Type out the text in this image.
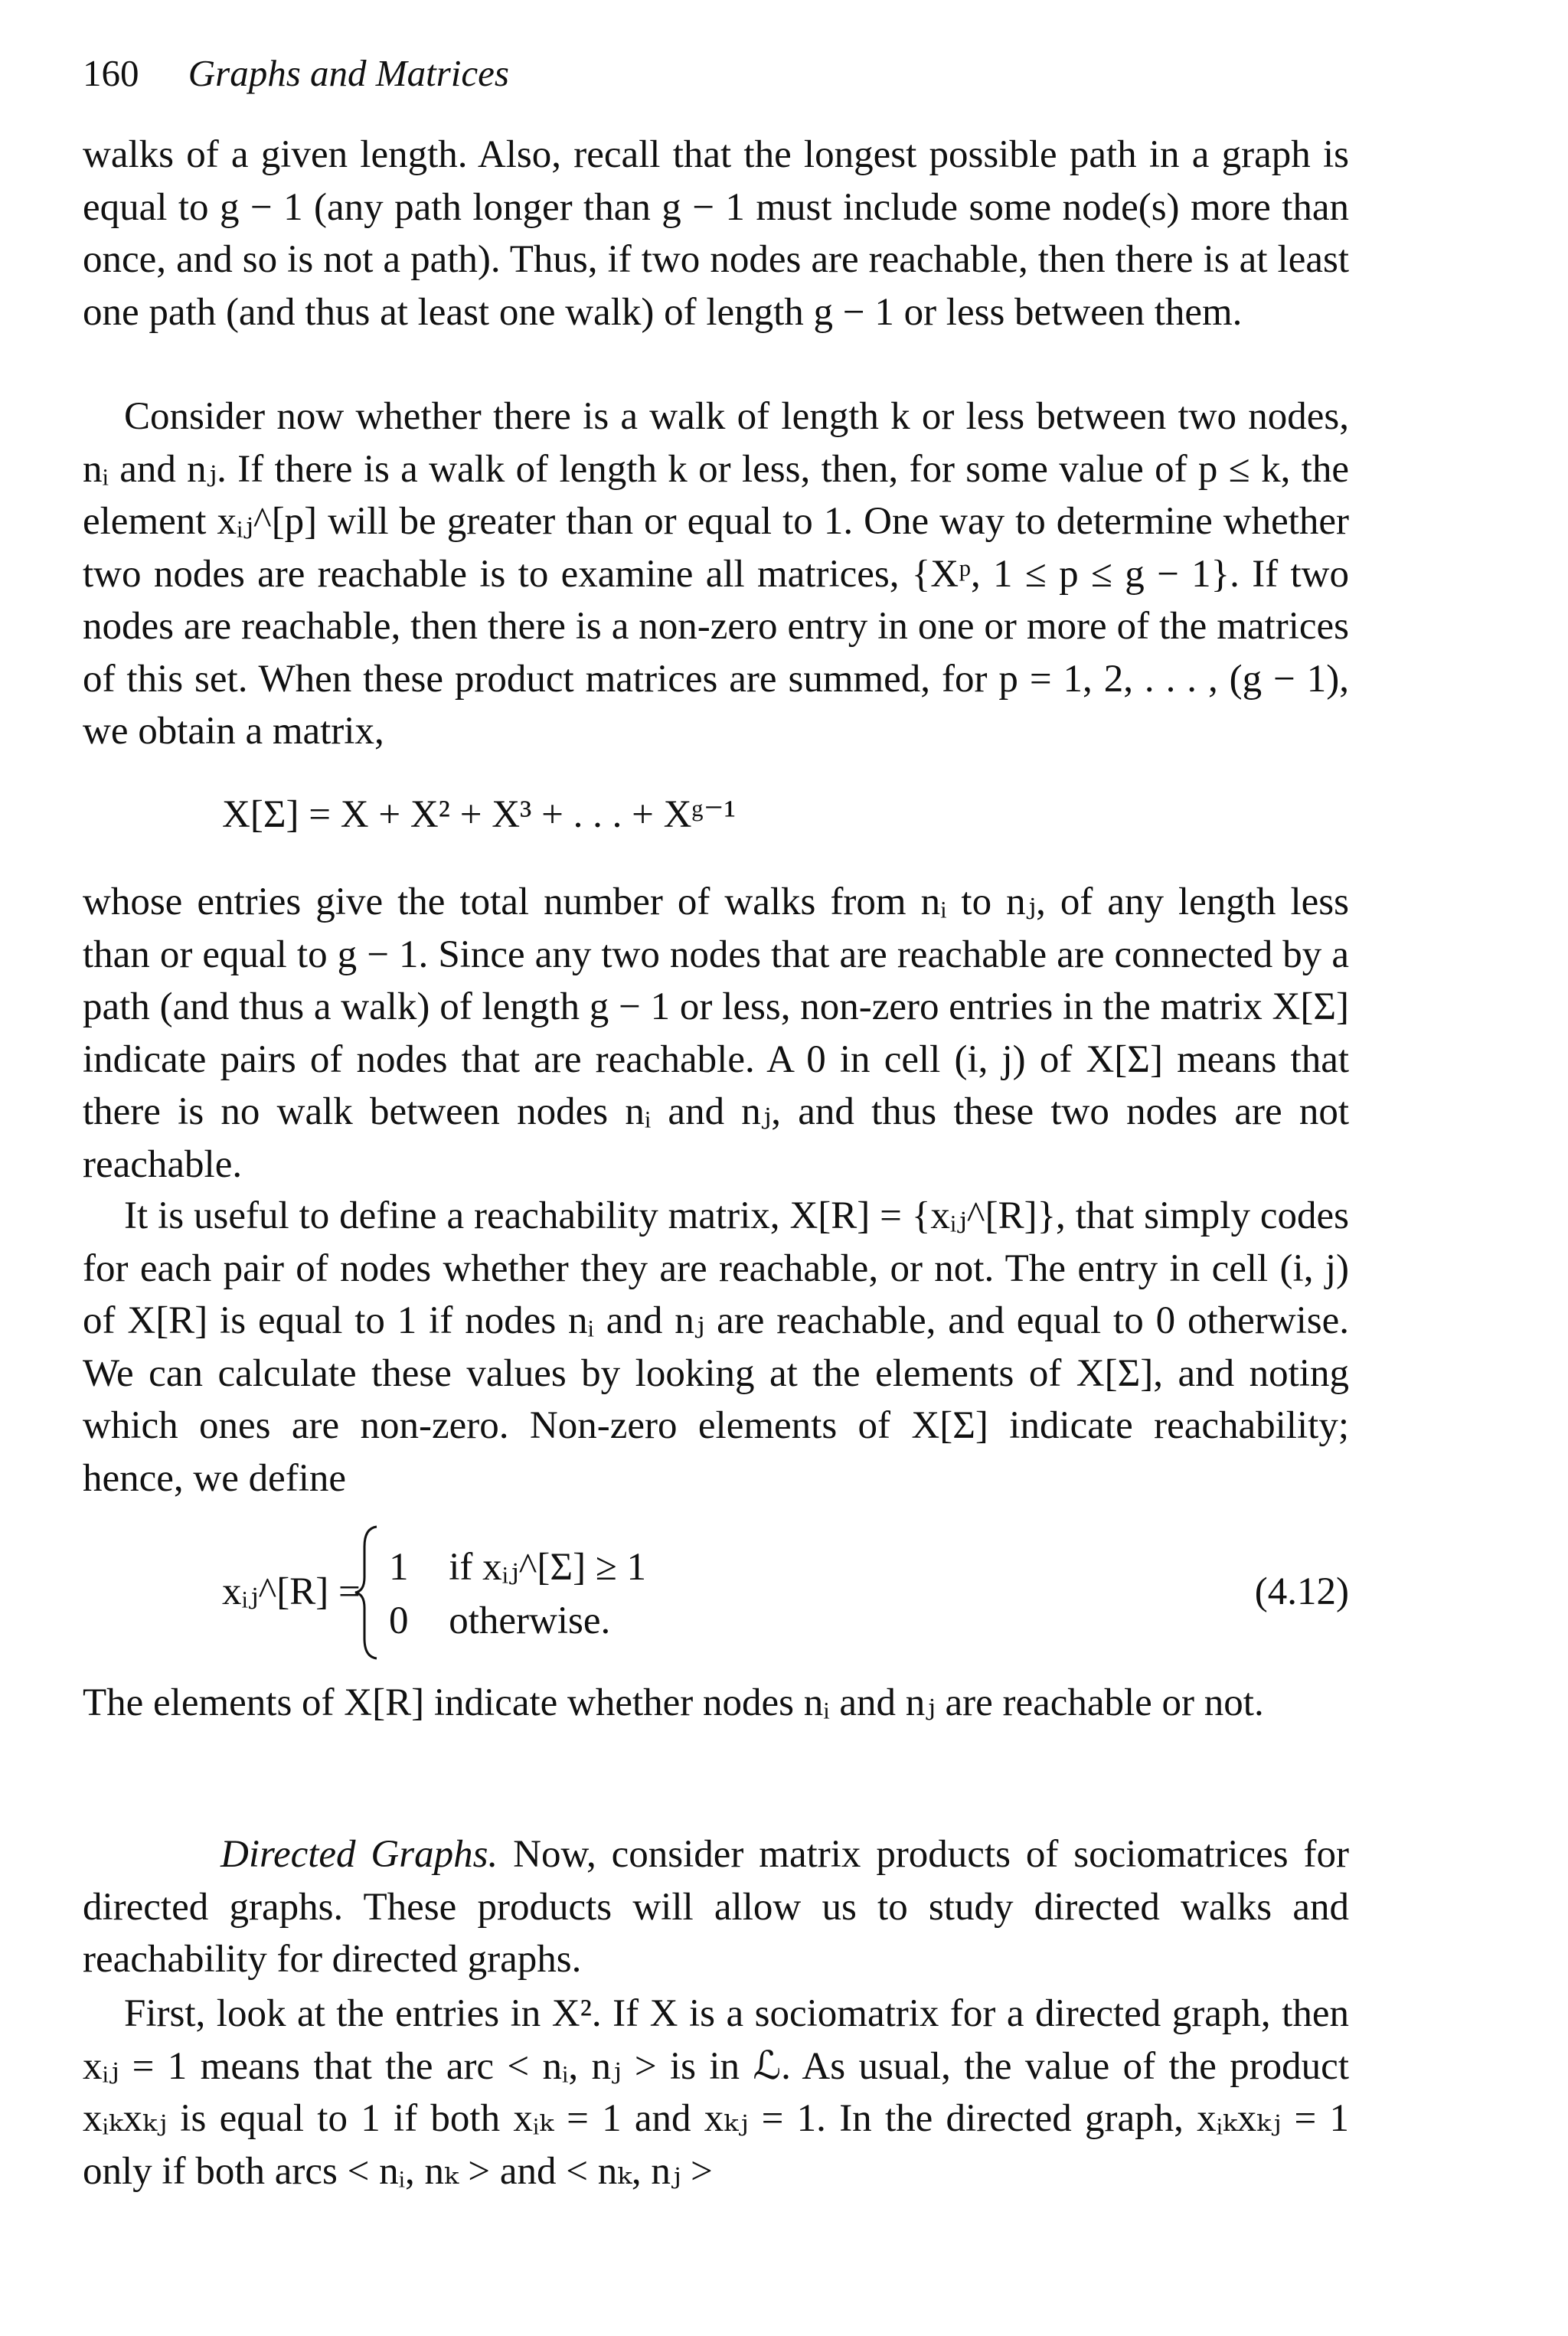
160 Graphs and Matrices
walks of a given length. Also, recall that the longest possible path in a graph is equal to g − 1 (any path longer than g − 1 must include some node(s) more than once, and so is not a path). Thus, if two nodes are reachable, then there is at least one path (and thus at least one walk) of length g − 1 or less between them.
Consider now whether there is a walk of length k or less between two nodes, nᵢ and nⱼ. If there is a walk of length k or less, then, for some value of p ≤ k, the element xᵢⱼ^[p] will be greater than or equal to 1. One way to determine whether two nodes are reachable is to examine all matrices, {Xᵖ, 1 ≤ p ≤ g − 1}. If two nodes are reachable, then there is a non-zero entry in one or more of the matrices of this set. When these product matrices are summed, for p = 1, 2, . . . , (g − 1), we obtain a matrix,
X[Σ] = X + X² + X³ + . . . + Xᵍ⁻¹
whose entries give the total number of walks from nᵢ to nⱼ, of any length less than or equal to g − 1. Since any two nodes that are reachable are connected by a path (and thus a walk) of length g − 1 or less, non-zero entries in the matrix X[Σ] indicate pairs of nodes that are reachable. A 0 in cell (i, j) of X[Σ] means that there is no walk between nodes nᵢ and nⱼ, and thus these two nodes are not reachable.
It is useful to define a reachability matrix, X[R] = {xᵢⱼ^[R]}, that simply codes for each pair of nodes whether they are reachable, or not. The entry in cell (i, j) of X[R] is equal to 1 if nodes nᵢ and nⱼ are reachable, and equal to 0 otherwise. We can calculate these values by looking at the elements of X[Σ], and noting which ones are non-zero. Non-zero elements of X[Σ] indicate reachability; hence, we define
xᵢⱼ^[R] =
1 if xᵢⱼ^[Σ] ≥ 1
0 otherwise.
(4.12)
The elements of X[R] indicate whether nodes nᵢ and nⱼ are reachable or not.
Directed Graphs. Now, consider matrix products of sociomatrices for directed graphs. These products will allow us to study directed walks and reachability for directed graphs.
First, look at the entries in X². If X is a sociomatrix for a directed graph, then xᵢⱼ = 1 means that the arc < nᵢ, nⱼ > is in ℒ. As usual, the value of the product xᵢₖxₖⱼ is equal to 1 if both xᵢₖ = 1 and xₖⱼ = 1. In the directed graph, xᵢₖxₖⱼ = 1 only if both arcs < nᵢ, nₖ > and < nₖ, nⱼ >
